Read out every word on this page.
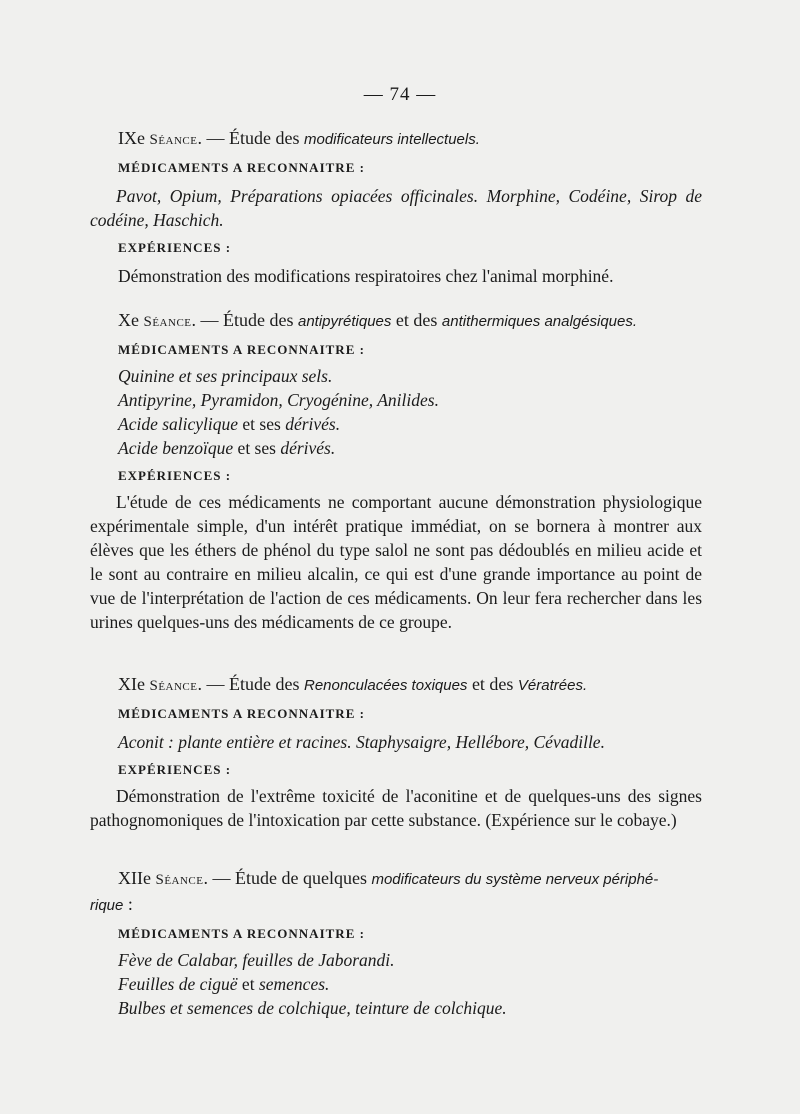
— 74 —
IXe Séance. — Étude des modificateurs intellectuels.
MÉDICAMENTS A RECONNAITRE :
Pavot, Opium, Préparations opiacées officinales. Morphine, Codéine, Sirop de codéine, Haschich.
EXPÉRIENCES :
Démonstration des modifications respiratoires chez l'animal morphiné.
Xe Séance. — Étude des antipyrétiques et des antithermiques analgésiques.
MÉDICAMENTS A RECONNAITRE :
Quinine et ses principaux sels.
Antipyrine, Pyramidon, Cryogénine, Anilides.
Acide salicylique et ses dérivés.
Acide benzoïque et ses dérivés.
EXPÉRIENCES :
L'étude de ces médicaments ne comportant aucune démonstration physiologique expérimentale simple, d'un intérêt pratique immédiat, on se bornera à montrer aux élèves que les éthers de phénol du type salol ne sont pas dédoublés en milieu acide et le sont au contraire en milieu alcalin, ce qui est d'une grande importance au point de vue de l'interprétation de l'action de ces médicaments. On leur fera rechercher dans les urines quelques-uns des médicaments de ce groupe.
XIe Séance. — Étude des Renonculacées toxiques et des Vératrées.
MÉDICAMENTS A RECONNAITRE :
Aconit : plante entière et racines. Staphysaigre, Hellébore, Cévadille.
EXPÉRIENCES :
Démonstration de l'extrême toxicité de l'aconitine et de quelques-uns des signes pathognomoniques de l'intoxication par cette substance. (Expérience sur le cobaye.)
XIIe Séance. — Étude de quelques modificateurs du système nerveux périphé-
rique :
MÉDICAMENTS A RECONNAITRE :
Fève de Calabar, feuilles de Jaborandi.
Feuilles de ciguë et semences.
Bulbes et semences de colchique, teinture de colchique.
